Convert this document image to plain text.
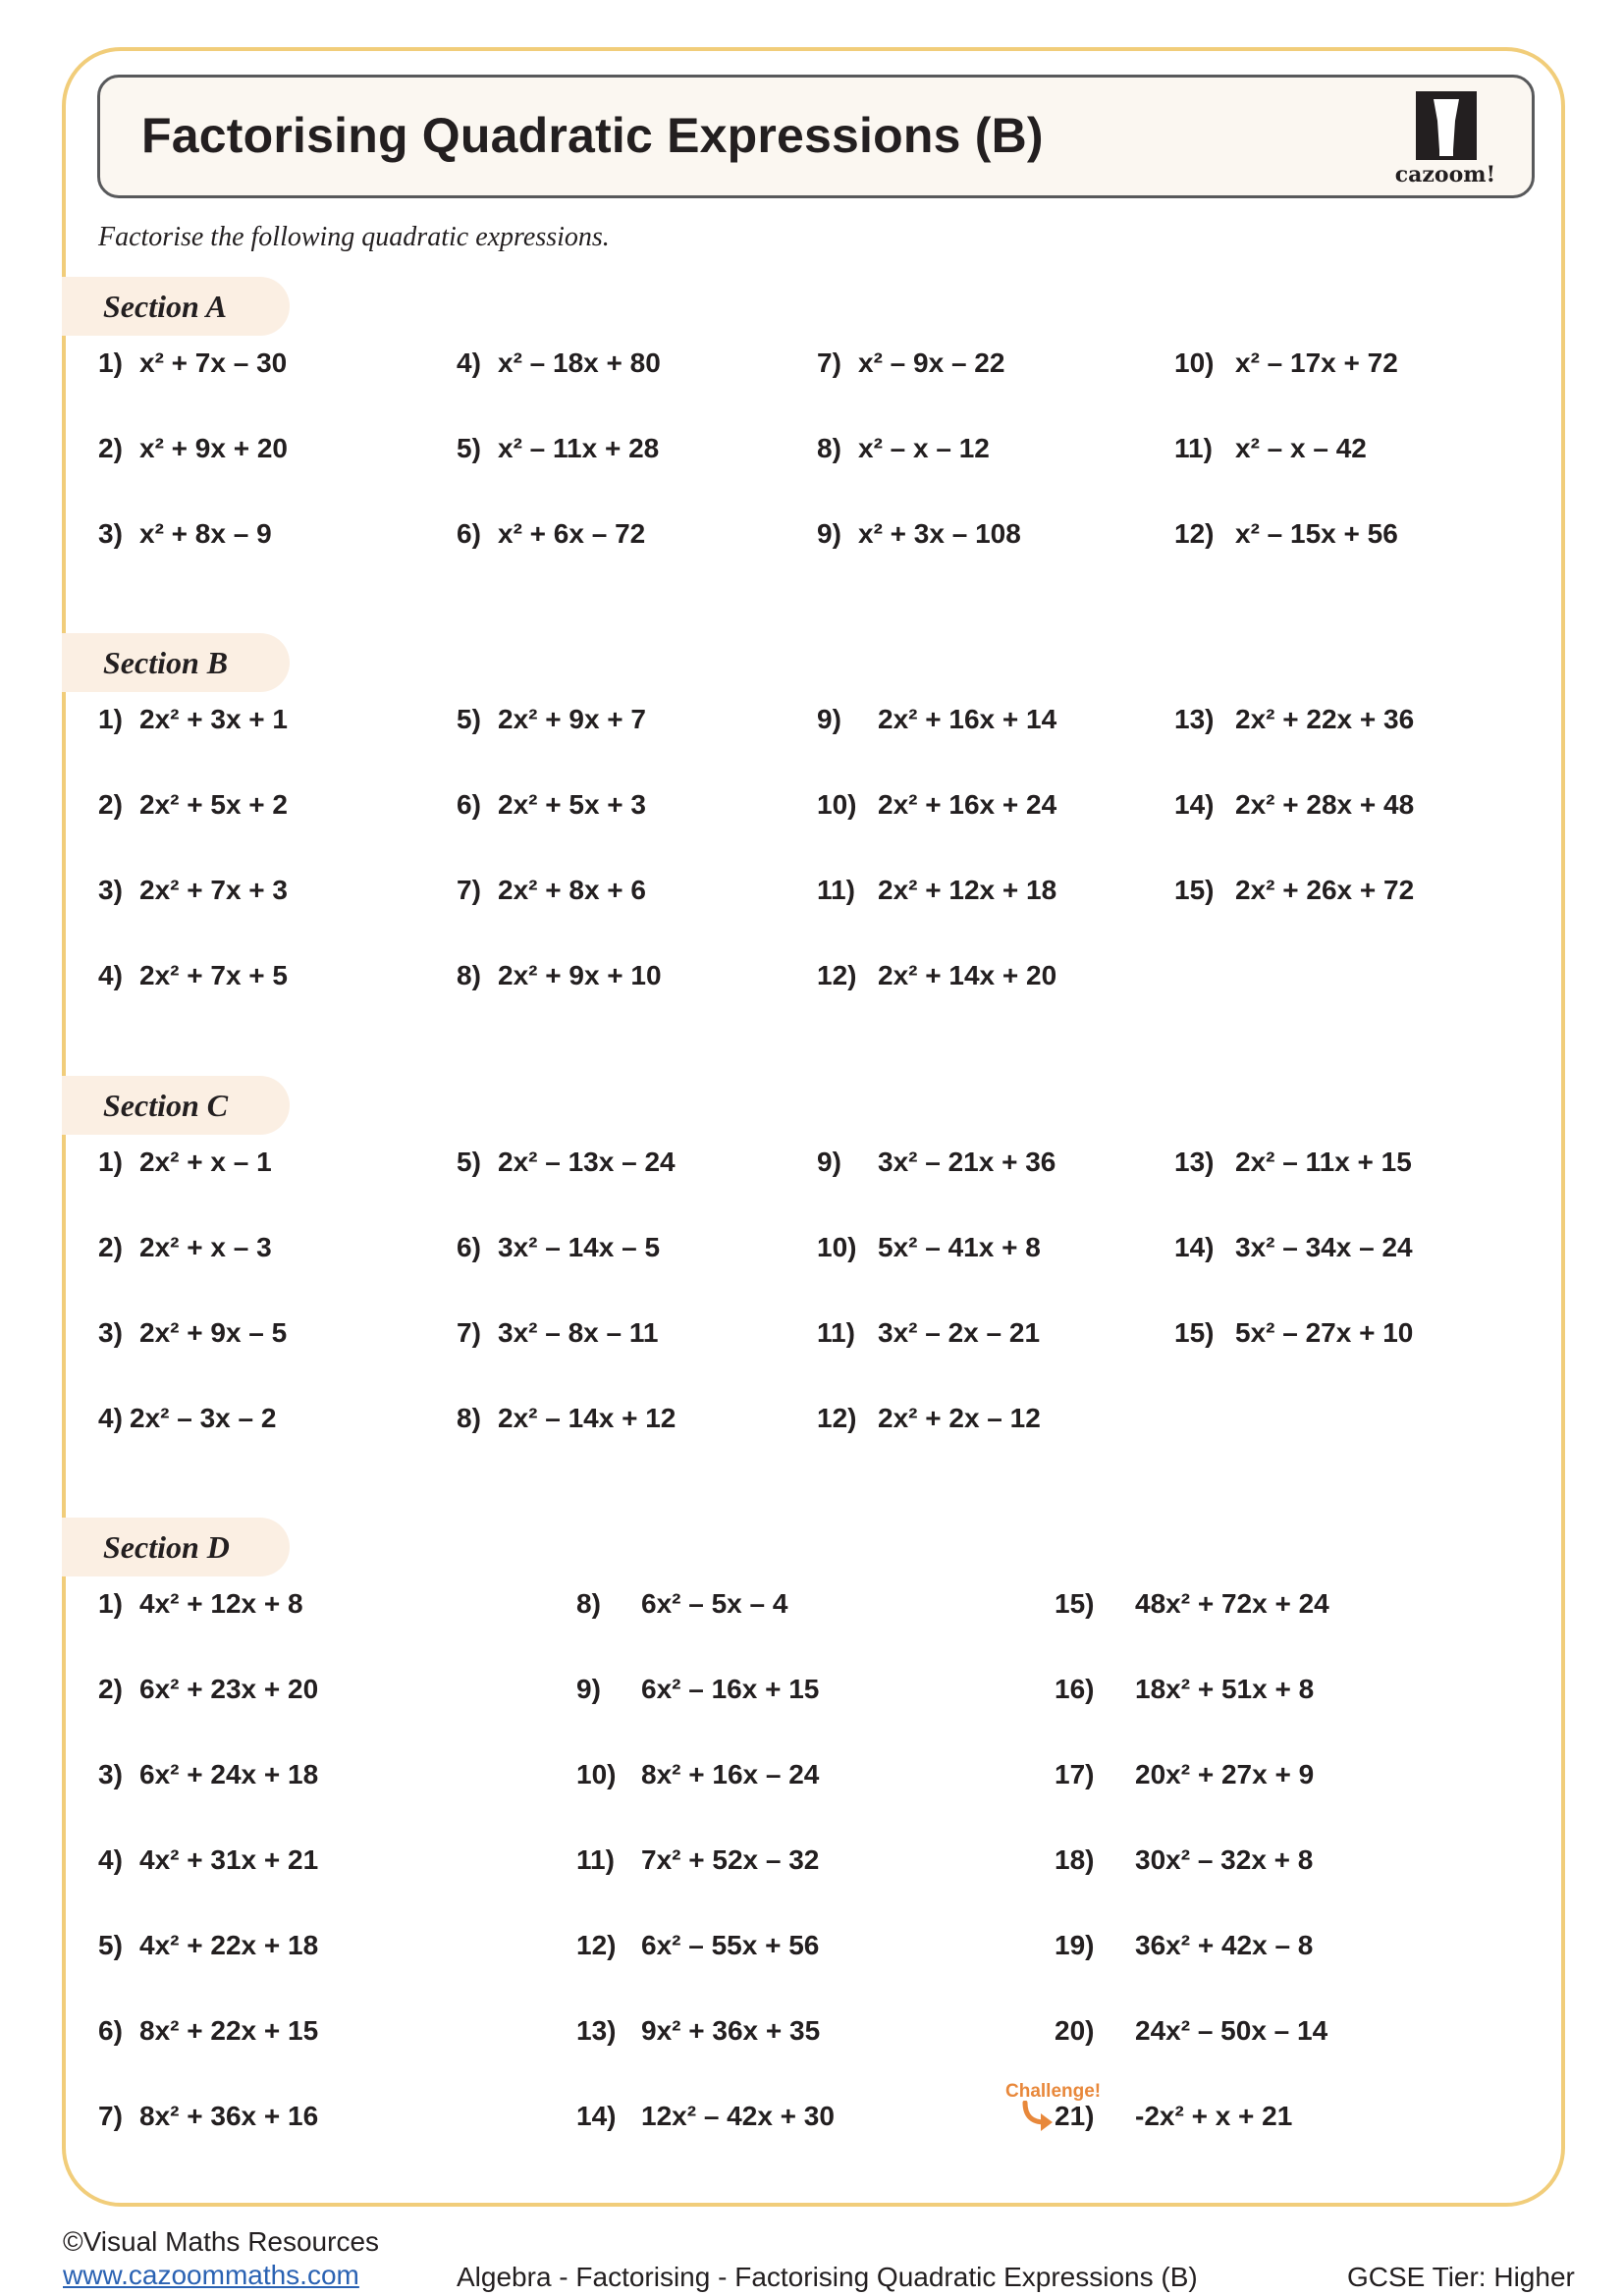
Factorising Quadratic Expressions (B)
cazoom!
Factorise the following quadratic expressions.
Section A
Section B
Section C
Section D
1) x² + 7x – 30
2) x² + 9x + 20
3) x² + 8x – 9
4) x² – 18x + 80
5) x² – 11x + 28
6) x² + 6x – 72
7) x² – 9x – 22
8) x² – x – 12
9) x² + 3x – 108
10) x² – 17x + 72
11) x² – x – 42
12) x² – 15x + 56
1) 2x² + 3x + 1
2) 2x² + 5x + 2
3) 2x² + 7x + 3
4) 2x² + 7x + 5
5) 2x² + 9x + 7
6) 2x² + 5x + 3
7) 2x² + 8x + 6
8) 2x² + 9x + 10
9) 2x² + 16x + 14
10) 2x² + 16x + 24
11) 2x² + 12x + 18
12) 2x² + 14x + 20
13) 2x² + 22x + 36
14) 2x² + 28x + 48
15) 2x² + 26x + 72
1) 2x² + x – 1
2) 2x² + x – 3
3) 2x² + 9x – 5
4) 2x² – 3x – 2
5) 2x² – 13x – 24
6) 3x² – 14x – 5
7) 3x² – 8x – 11
8) 2x² – 14x + 12
9) 3x² – 21x + 36
10) 5x² – 41x + 8
11) 3x² – 2x – 21
12) 2x² + 2x – 12
13) 2x² – 11x + 15
14) 3x² – 34x – 24
15) 5x² – 27x + 10
1) 4x² + 12x + 8
2) 6x² + 23x + 20
3) 6x² + 24x + 18
4) 4x² + 31x + 21
5) 4x² + 22x + 18
6) 8x² + 22x + 15
7) 8x² + 36x + 16
8) 6x² – 5x – 4
9) 6x² – 16x + 15
10) 8x² + 16x – 24
11) 7x² + 52x – 32
12) 6x² – 55x + 56
13) 9x² + 36x + 35
14) 12x² – 42x + 30
15) 48x² + 72x + 24
16) 18x² + 51x + 8
17) 20x² + 27x + 9
18) 30x² – 32x + 8
19) 36x² + 42x – 8
20) 24x² – 50x – 14
21) -2x² + x + 21
Challenge!
©Visual Maths Resources
www.cazoommaths.com	Algebra - Factorising - Factorising Quadratic Expressions (B)	GCSE Tier: Higher
